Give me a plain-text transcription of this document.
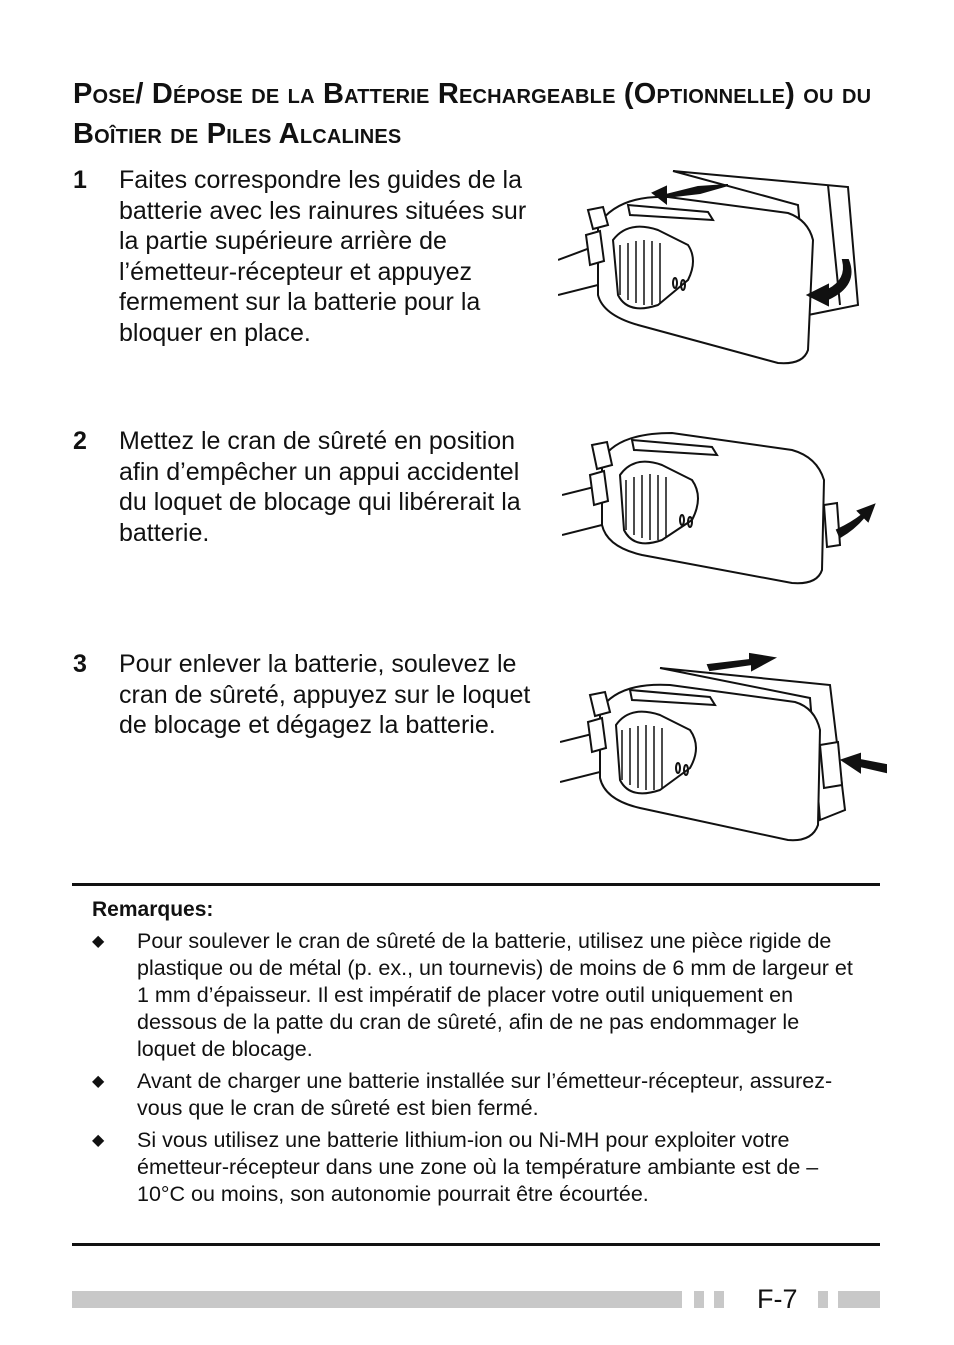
Pose/ Dépose de la Batterie Rechargeable (Optionnelle) ou du Boîtier de Piles Alcalines
1 Faites correspondre les guides de la batterie avec les rainures situées sur la partie supérieure arrière de l’émetteur-récepteur et appuyez fermement sur la batterie pour la bloquer en place.
2 Mettez le cran de sûreté en position afin d’empêcher un appui accidentel du loquet de blocage qui libérerait la batterie.
3 Pour enlever la batterie, soulevez le cran de sûreté, appuyez sur le loquet de blocage et dégagez la batterie.
Remarques:
◆ Pour soulever le cran de sûreté de la batterie, utilisez une pièce rigide de plastique ou de métal (p. ex., un tournevis) de moins de 6 mm de largeur et 1 mm d’épaisseur. Il est impératif de placer votre outil uniquement en dessous de la patte du cran de sûreté, afin de ne pas endommager le loquet de blocage.
◆ Avant de charger une batterie installée sur l’émetteur-récepteur, assurez-vous que le cran de sûreté est bien fermé.
◆ Si vous utilisez une batterie lithium-ion ou Ni-MH pour exploiter votre émetteur-récepteur dans une zone où la température ambiante est de –10°C ou moins, son autonomie pourrait être écourtée.
F-7
